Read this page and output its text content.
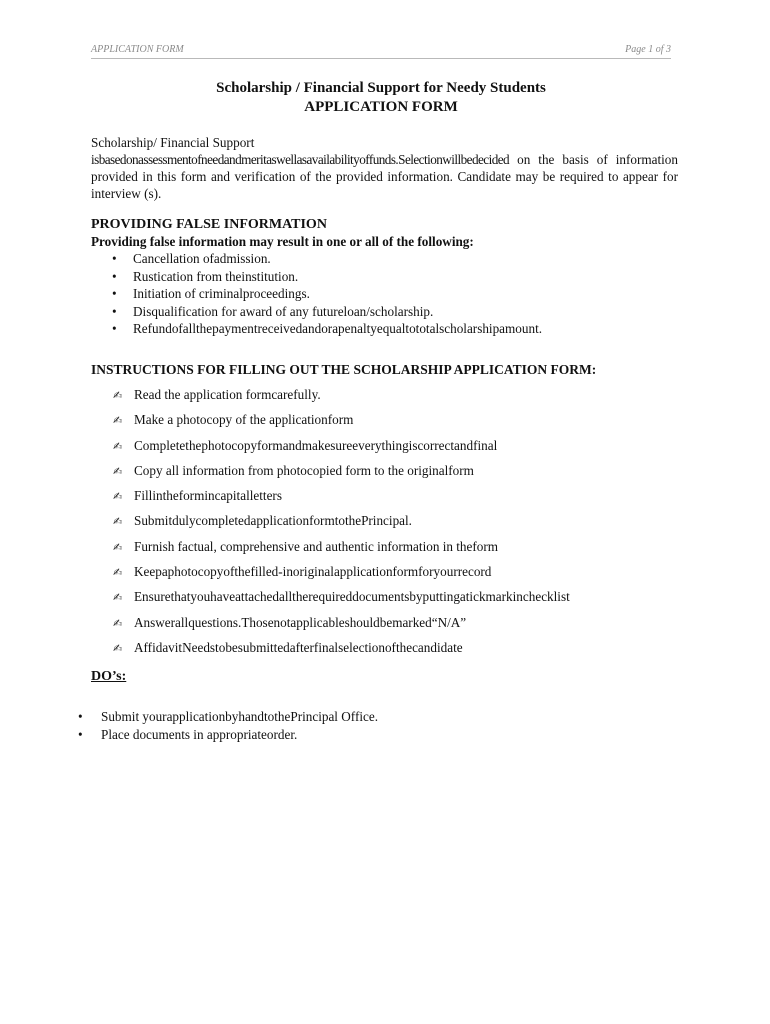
APPLICATION FORM	Page 1 of 3
Scholarship / Financial Support for Needy Students
APPLICATION FORM
Scholarship/ Financial Support
isbasedonassessmentofneedandmeritaswellasavailabilityoffunds.Selectionwillbedecided on the basis of information provided in this form and verification of the provided information. Candidate may be required to appear for interview (s).
PROVIDING FALSE INFORMATION
Providing false information may result in one or all of the following:
• Cancellation ofadmission.
• Rustication from theinstitution.
• Initiation of criminalproceedings.
• Disqualification for award of any futureloan/scholarship.
• Refundofallthepaymentreceivedandorapenaltyequaltototalscholarshipamount.
INSTRUCTIONS FOR FILLING OUT THE SCHOLARSHIP APPLICATION FORM:
✍ Read the application formcarefully.
✍ Make a photocopy of the applicationform
✍ Completethephotocopyformandmakesureeverythingiscorrectandfinal
✍ Copy all information from photocopied form to the originalform
✍ Fillintheformincapitalletters
✍ SubmitdulycompletedapplicationformtothePrincipal.
✍ Furnish factual, comprehensive and authentic information in theform
✍ Keepaphotocopyofthefilled-inoriginalapplicationformforyourrecord
✍ Ensurethatyouhaveattachedalltherequireddocumentsbyputtingatickmarkinchecklist
✍ Answerallquestions.Thosenotapplicableshouldbemarked“N/A”
✍ AffidavitNeedstobesubmittedafterfinalselectionofthecandidate
DO’s:
• Submit yourapplicationbyhandtothePrincipal Office.
• Place documents in appropriateorder.
